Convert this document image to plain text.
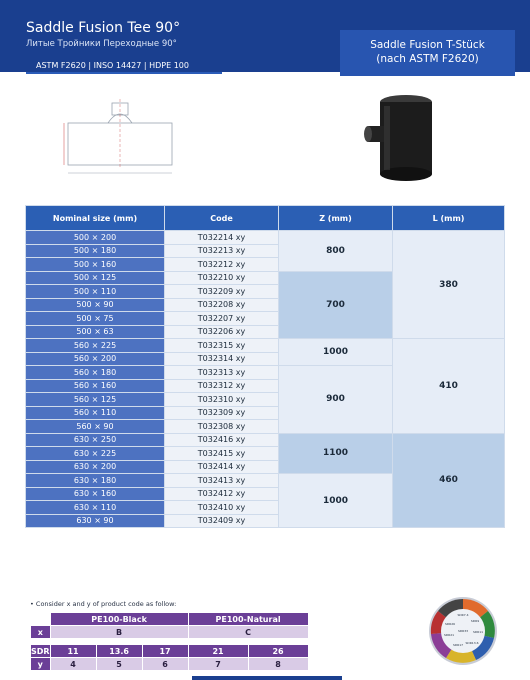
Saddle Fusion Tee 90°
Литые Тройники Переходные 90°
ASTM F2620 | INSO 14427 | HDPE 100
Saddle Fusion T-Stück
(nach ASTM F2620)
Nominal size (mm)	Code	Z (mm)	L (mm)
500 × 200	T032214 xy	800	380
500 × 180	T032213 xy		
500 × 160	T032212 xy		
500 × 125	T032210 xy	700	
500 × 110	T032209 xy		
500 × 90	T032208 xy		
500 × 75	T032207 xy		
500 × 63	T032206 xy		
560 × 225	T032315 xy	1000	410
560 × 200	T032314 xy		
560 × 180	T032313 xy	900	
560 × 160	T032312 xy		
560 × 125	T032310 xy		
560 × 110	T032309 xy		
560 × 90	T032308 xy		
630 × 250	T032416 xy	1100	460
630 × 225	T032415 xy		
630 × 200	T032414 xy		
630 × 180	T032413 xy	1000	
630 × 160	T032412 xy		
630 × 110	T032410 xy		
630 × 90	T032409 xy		
• Consider x and y of product code as follow:
	PE100-Black			PE100-Natural	
x	B			C	

SDR	11	13.6	17	21	26
y	4	5	6	7	8
SDR7.4
SDR9
SDR11
SDR13.6
SDR17
SDR21
SDR26
SDR33
